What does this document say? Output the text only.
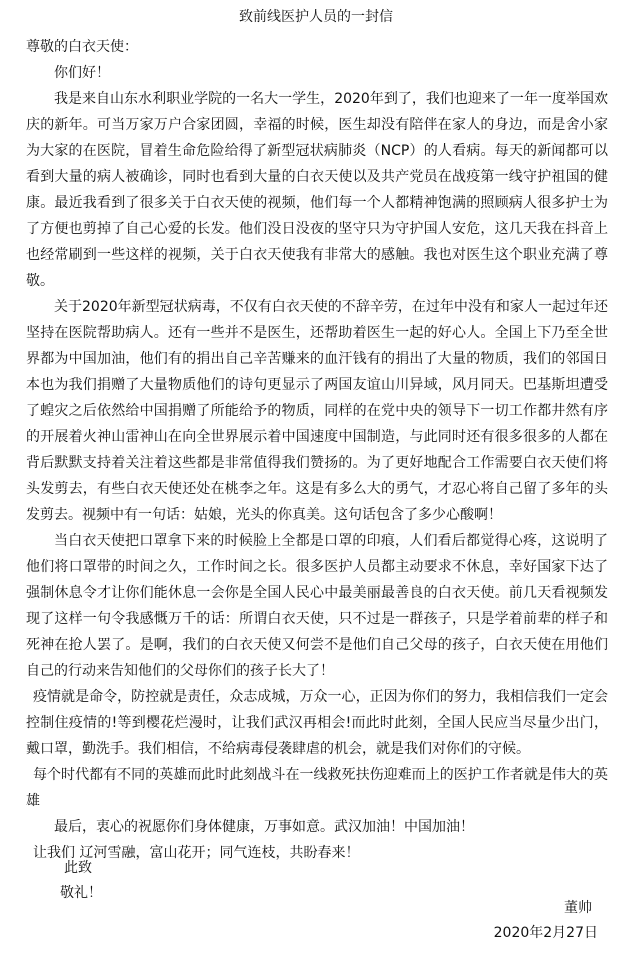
致前线医护人员的一封信
尊敬的白衣天使：

你们好！

我是来自山东水利职业学院的一名大一学生，2020年到了，我们也迎来了一年一度举国欢庆的新年。可当万家万户合家团圆，幸福的时候，医生却没有陪伴在家人的身边，而是舍小家为大家的在医院，冒着生命危险给得了新型冠状病肺炎（NCP）的人看病。每天的新闻都可以看到大量的病人被确诊，同时也看到大量的白衣天使以及共产党员在战疫第一线守护祖国的健康。最近我看到了很多关于白衣天使的视频，他们每一个人都精神饱满的照顾病人很多护士为了方便也剪掉了自己心爱的长发。他们没日没夜的坚守只为守护国人安危，这几天我在抖音上也经常刷到一些这样的视频，关于白衣天使我有非常大的感触。我也对医生这个职业充满了尊敬。

关于2020年新型冠状病毒，不仅有白衣天使的不辞辛劳，在过年中没有和家人一起过年还坚持在医院帮助病人。还有一些并不是医生，还帮助着医生一起的好心人。全国上下乃至全世界都为中国加油，他们有的捐出自己辛苦赚来的血汗钱有的捐出了大量的物质，我们的邻国日本也为我们捐赠了大量物质他们的诗句更显示了两国友谊山川异域，风月同天。巴基斯坦遭受了蝗灾之后依然给中国捐赠了所能给予的物质，同样的在党中央的领导下一切工作都井然有序的开展着火神山雷神山在向全世界展示着中国速度中国制造，与此同时还有很多很多的人都在背后默默支持着关注着这些都是非常值得我们赞扬的。为了更好地配合工作需要白衣天使们将头发剪去，有些白衣天使还处在桃李之年。这是有多么大的勇气，才忍心将自己留了多年的头发剪去。视频中有一句话：姑娘，光头的你真美。这句话包含了多少心酸啊！

当白衣天使把口罩拿下来的时候脸上全都是口罩的印痕，人们看后都觉得心疼，这说明了他们将口罩带的时间之久，工作时间之长。很多医护人员都主动要求不休息，幸好国家下达了强制休息令才让你们能休息一会你是全国人民心中最美丽最善良的白衣天使。前几天看视频发现了这样一句令我感慨万千的话：所谓白衣天使，只不过是一群孩子，只是学着前辈的样子和死神在抢人罢了。是啊，我们的白衣天使又何尝不是他们自己父母的孩子，白衣天使在用他们自己的行动来告知他们的父母你们的孩子长大了！

疫情就是命令，防控就是责任，众志成城，万众一心，正因为你们的努力，我相信我们一定会控制住疫情的!等到樱花烂漫时，让我们武汉再相会!而此时此刻，全国人民应当尽量少出门，戴口罩，勤洗手。我们相信，不给病毒侵袭肆虐的机会，就是我们对你们的守候。

每个时代都有不同的英雄而此时此刻战斗在一线救死扶伤迎难而上的医护工作者就是伟大的英雄

最后，衷心的祝愿你们身体健康，万事如意。武汉加油！中国加油！

让我们 辽河雪融，富山花开；同气连枝，共盼春来！

此致
敬礼！
董帅
2020年2月27日
